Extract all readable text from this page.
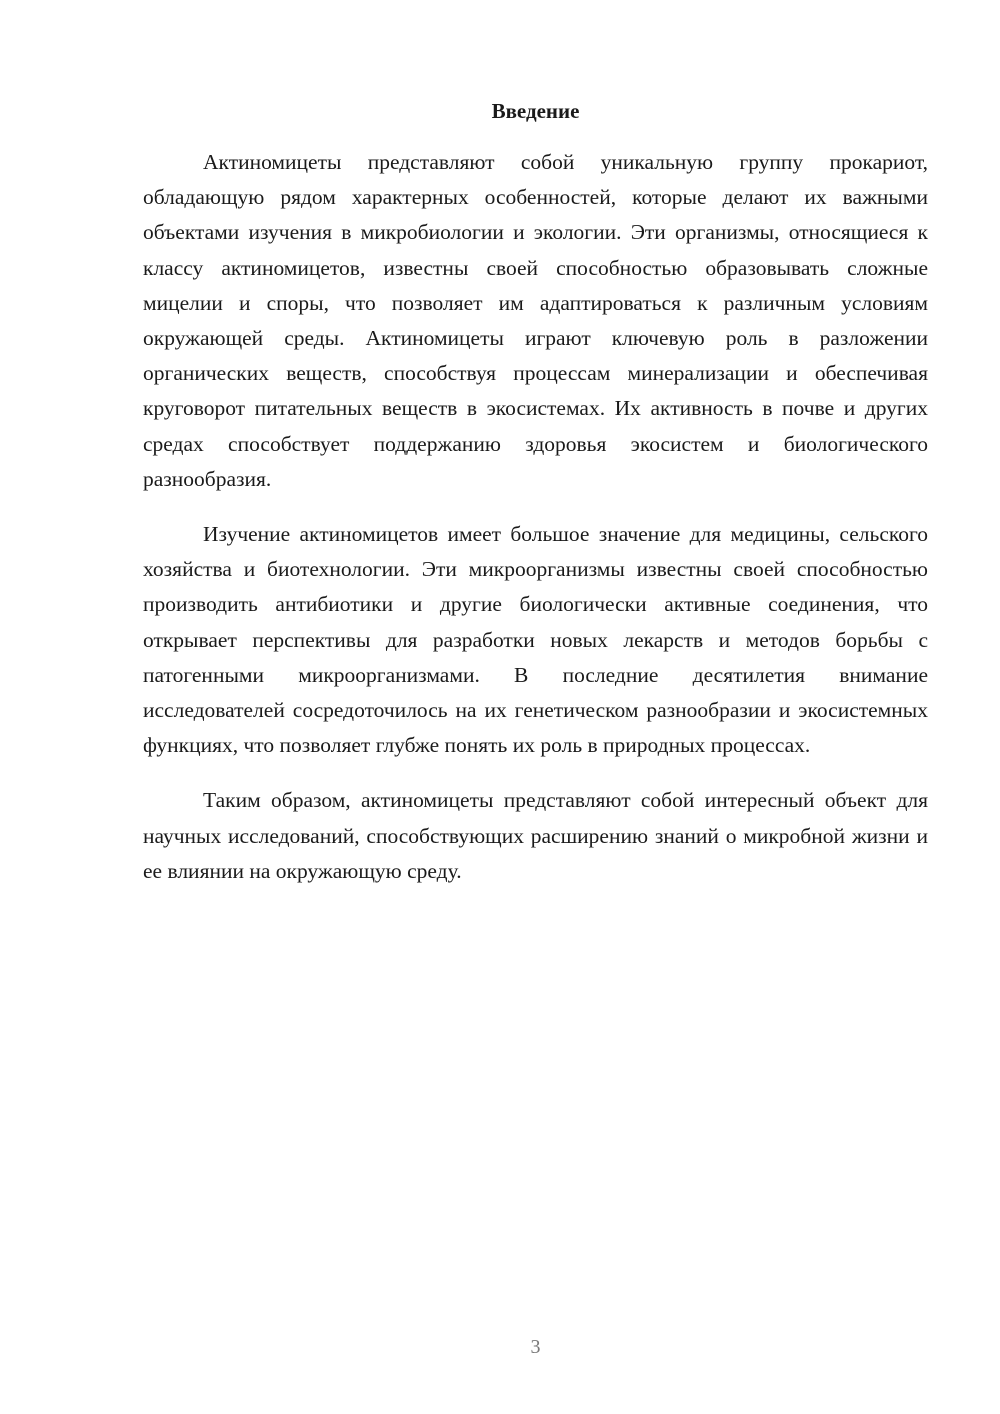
Введение

Актиномицеты представляют собой уникальную группу прокариот, обладающую рядом характерных особенностей, которые делают их важными объектами изучения в микробиологии и экологии. Эти организмы, относящиеся к классу актиномицетов, известны своей способностью образовывать сложные мицелии и споры, что позволяет им адаптироваться к различным условиям окружающей среды. Актиномицеты играют ключевую роль в разложении органических веществ, способствуя процессам минерализации и обеспечивая круговорот питательных веществ в экосистемах. Их активность в почве и других средах способствует поддержанию здоровья экосистем и биологического разнообразия.

Изучение актиномицетов имеет большое значение для медицины, сельского хозяйства и биотехнологии. Эти микроорганизмы известны своей способностью производить антибиотики и другие биологически активные соединения, что открывает перспективы для разработки новых лекарств и методов борьбы с патогенными микроорганизмами. В последние десятилетия внимание исследователей сосредоточилось на их генетическом разнообразии и экосистемных функциях, что позволяет глубже понять их роль в природных процессах.

Таким образом, актиномицеты представляют собой интересный объект для научных исследований, способствующих расширению знаний о микробной жизни и ее влиянии на окружающую среду.

3
